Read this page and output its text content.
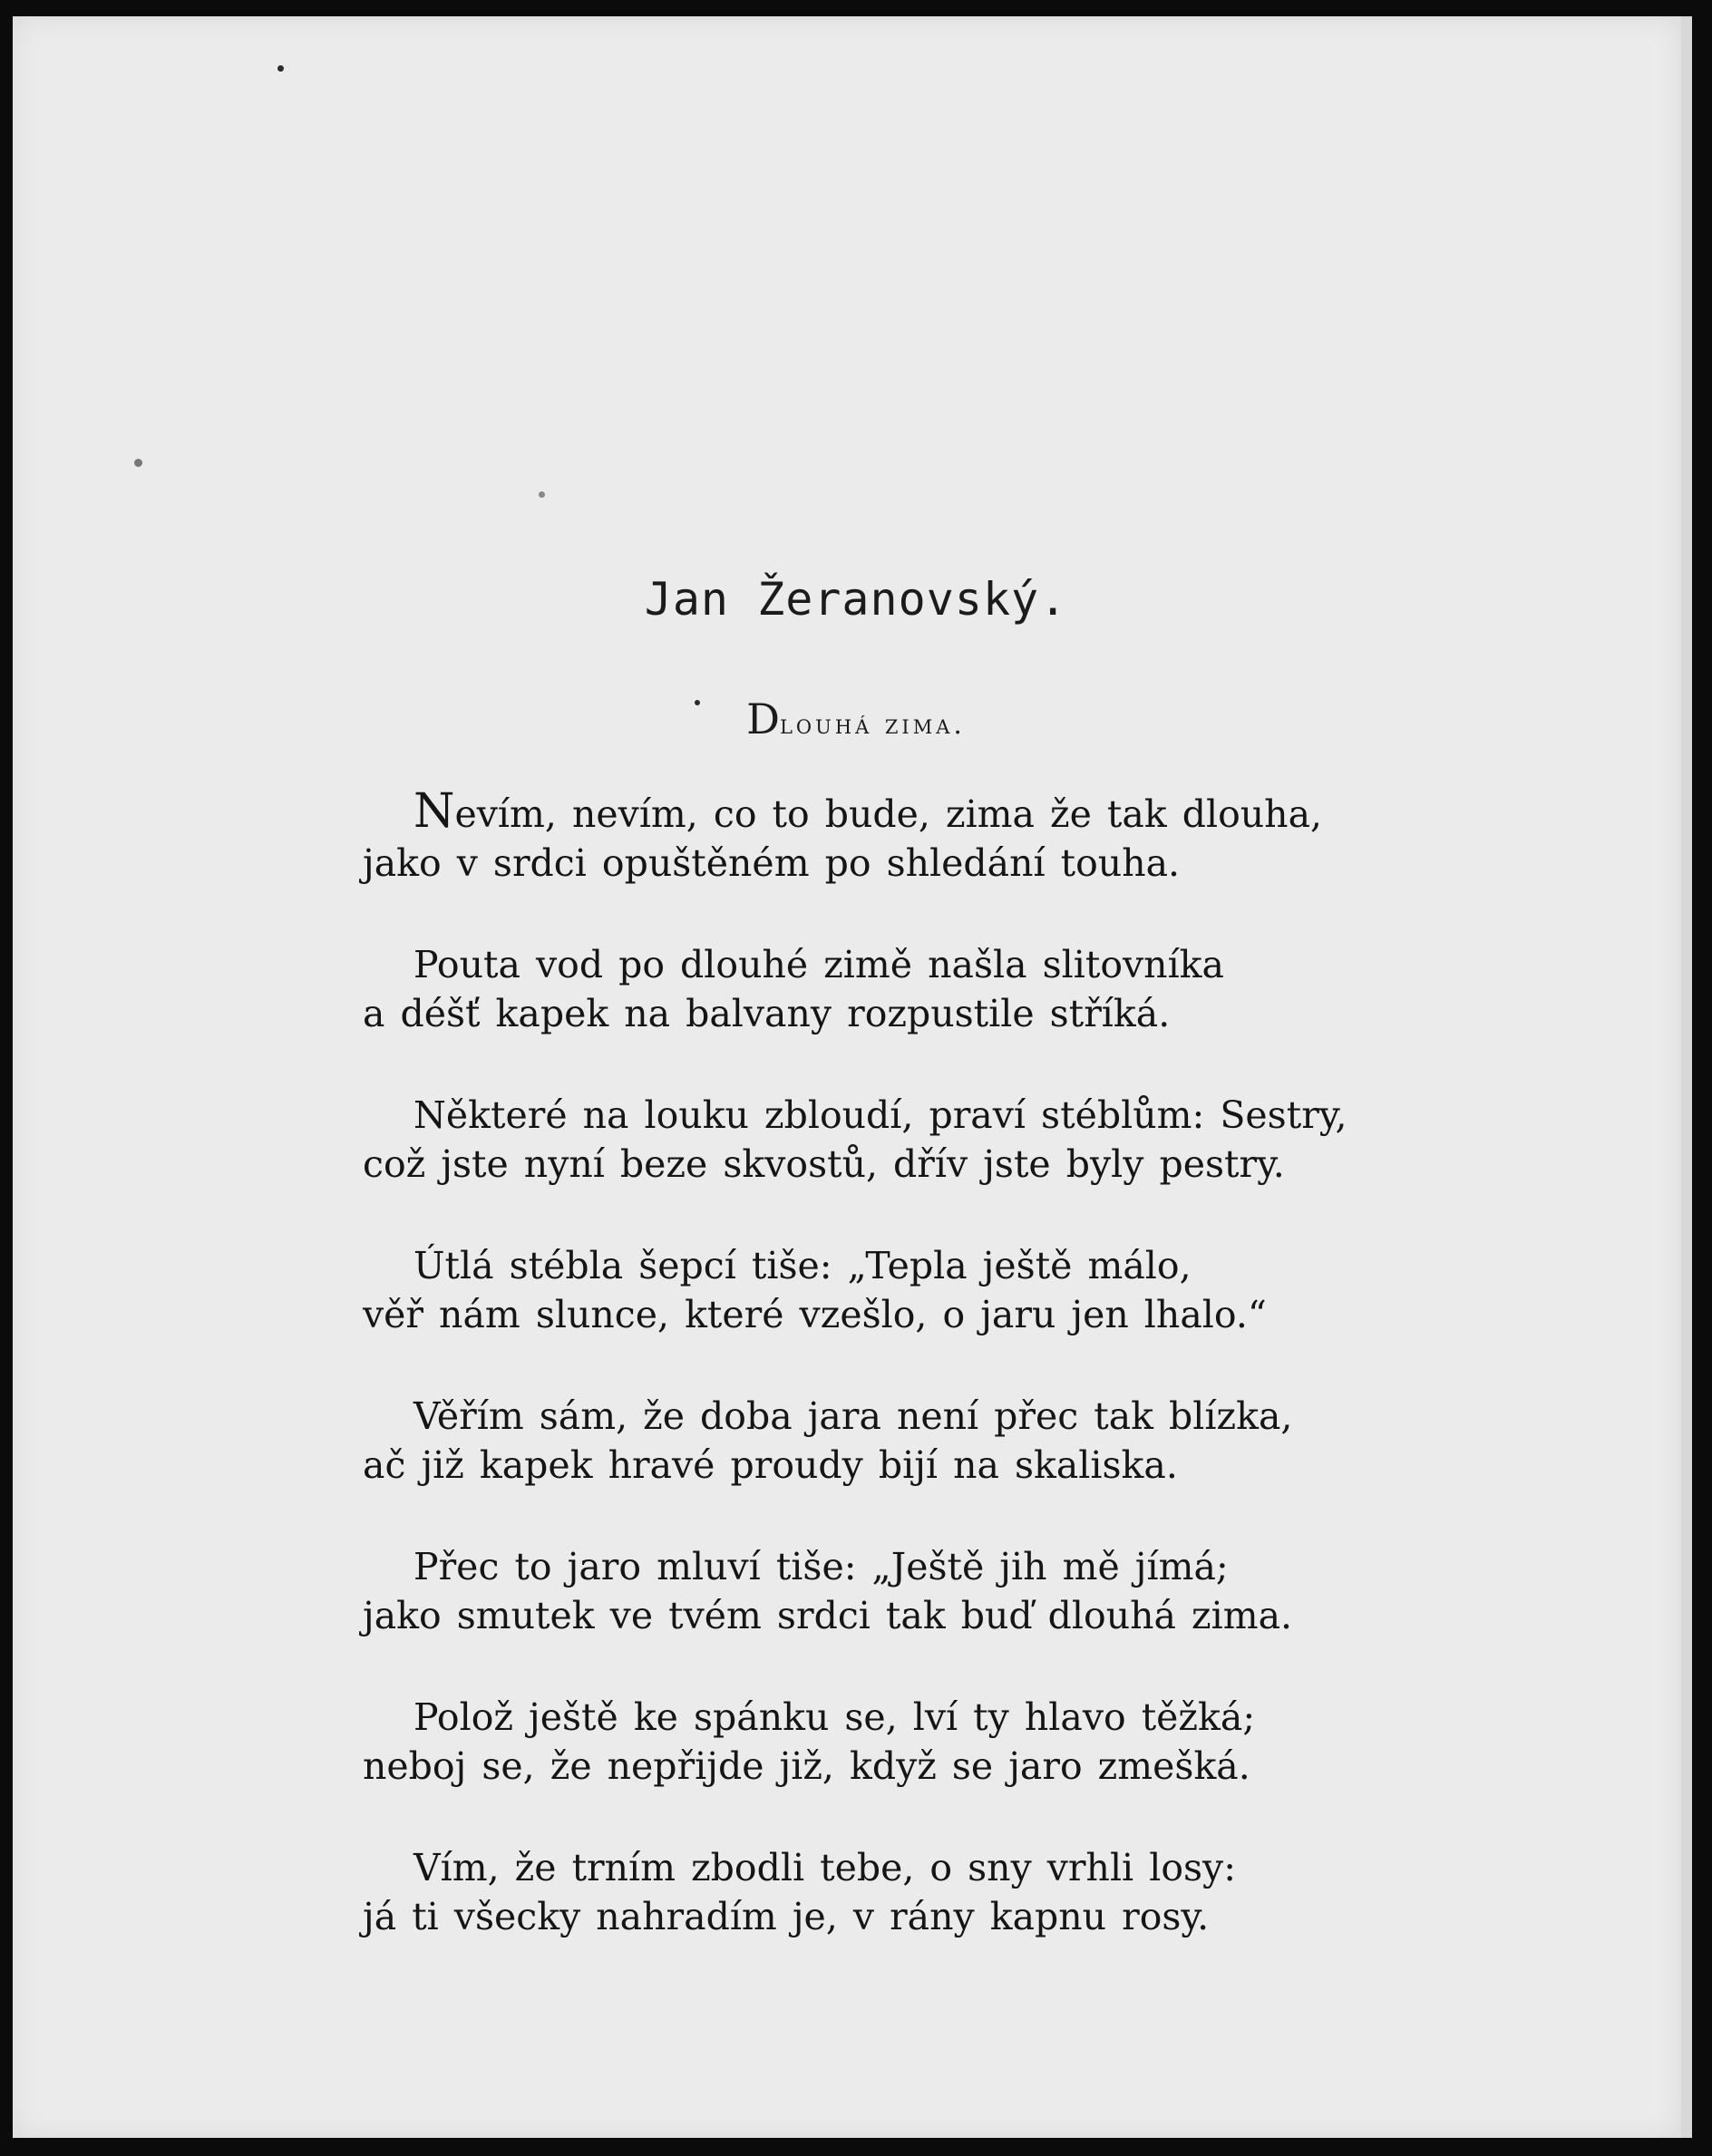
Jan Žeranovský.
Dlouhá zima.
Nevím, nevím, co to bude, zima že tak dlouha,
jako v srdci opuštěném po shledání touha.
Pouta vod po dlouhé zimě našla slitovníka
a déšť kapek na balvany rozpustile stříká.
Některé na louku zbloudí, praví stéblům: Sestry,
což jste nyní beze skvostů, dřív jste byly pestry.
Útlá stébla šepcí tiše: „Tepla ještě málo,
věř nám slunce, které vzešlo, o jaru jen lhalo.“
Věřím sám, že doba jara není přec tak blízka,
ač již kapek hravé proudy bijí na skaliska.
Přec to jaro mluví tiše: „Ještě jih mě jímá;
jako smutek ve tvém srdci tak buď dlouhá zima.
Polož ještě ke spánku se, lví ty hlavo těžká;
neboj se, že nepřijde již, když se jaro zmešká.
Vím, že trním zbodli tebe, o sny vrhli losy:
já ti všecky nahradím je, v rány kapnu rosy.
